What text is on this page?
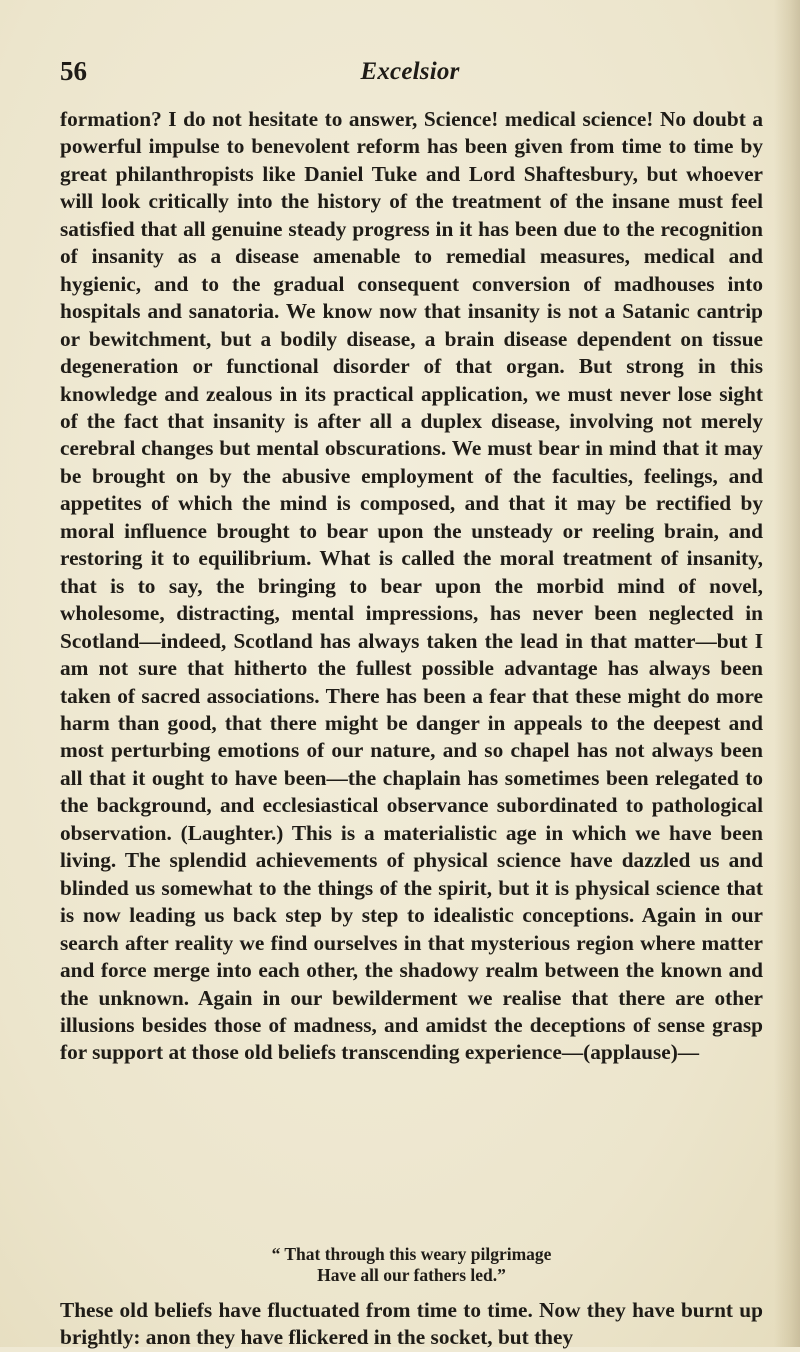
56	Excelsior

formation? I do not hesitate to answer, Science! medical science! No doubt a powerful impulse to benevolent reform has been given from time to time by great philanthropists like Daniel Tuke and Lord Shaftesbury, but whoever will look critically into the history of the treatment of the insane must feel satisfied that all genuine steady progress in it has been due to the recognition of insanity as a disease amenable to remedial measures, medical and hygienic, and to the gradual consequent conversion of madhouses into hospitals and sanatoria. We know now that insanity is not a Satanic cantrip or bewitchment, but a bodily disease, a brain disease dependent on tissue degeneration or functional disorder of that organ. But strong in this knowledge and zealous in its practical application, we must never lose sight of the fact that insanity is after all a duplex disease, involving not merely cerebral changes but mental obscurations. We must bear in mind that it may be brought on by the abusive employment of the faculties, feelings, and appetites of which the mind is composed, and that it may be rectified by moral influence brought to bear upon the unsteady or reeling brain, and restoring it to equilibrium. What is called the moral treatment of insanity, that is to say, the bringing to bear upon the morbid mind of novel, wholesome, distracting, mental impressions, has never been neglected in Scotland—indeed, Scotland has always taken the lead in that matter—but I am not sure that hitherto the fullest possible advantage has always been taken of sacred associations. There has been a fear that these might do more harm than good, that there might be danger in appeals to the deepest and most perturbing emotions of our nature, and so chapel has not always been all that it ought to have been—the chaplain has sometimes been relegated to the background, and ecclesiastical observance subordinated to pathological observation. (Laughter.) This is a materialistic age in which we have been living. The splendid achievements of physical science have dazzled us and blinded us somewhat to the things of the spirit, but it is physical science that is now leading us back step by step to idealistic conceptions. Again in our search after reality we find ourselves in that mysterious region where matter and force merge into each other, the shadowy realm between the known and the unknown. Again in our bewilderment we realise that there are other illusions besides those of madness, and amidst the deceptions of sense grasp for support at those old beliefs transcending experience—(applause)—

“ That through this weary pilgrimage
Have all our fathers led.”

These old beliefs have fluctuated from time to time. Now they have burnt up brightly: anon they have flickered in the socket, but they
